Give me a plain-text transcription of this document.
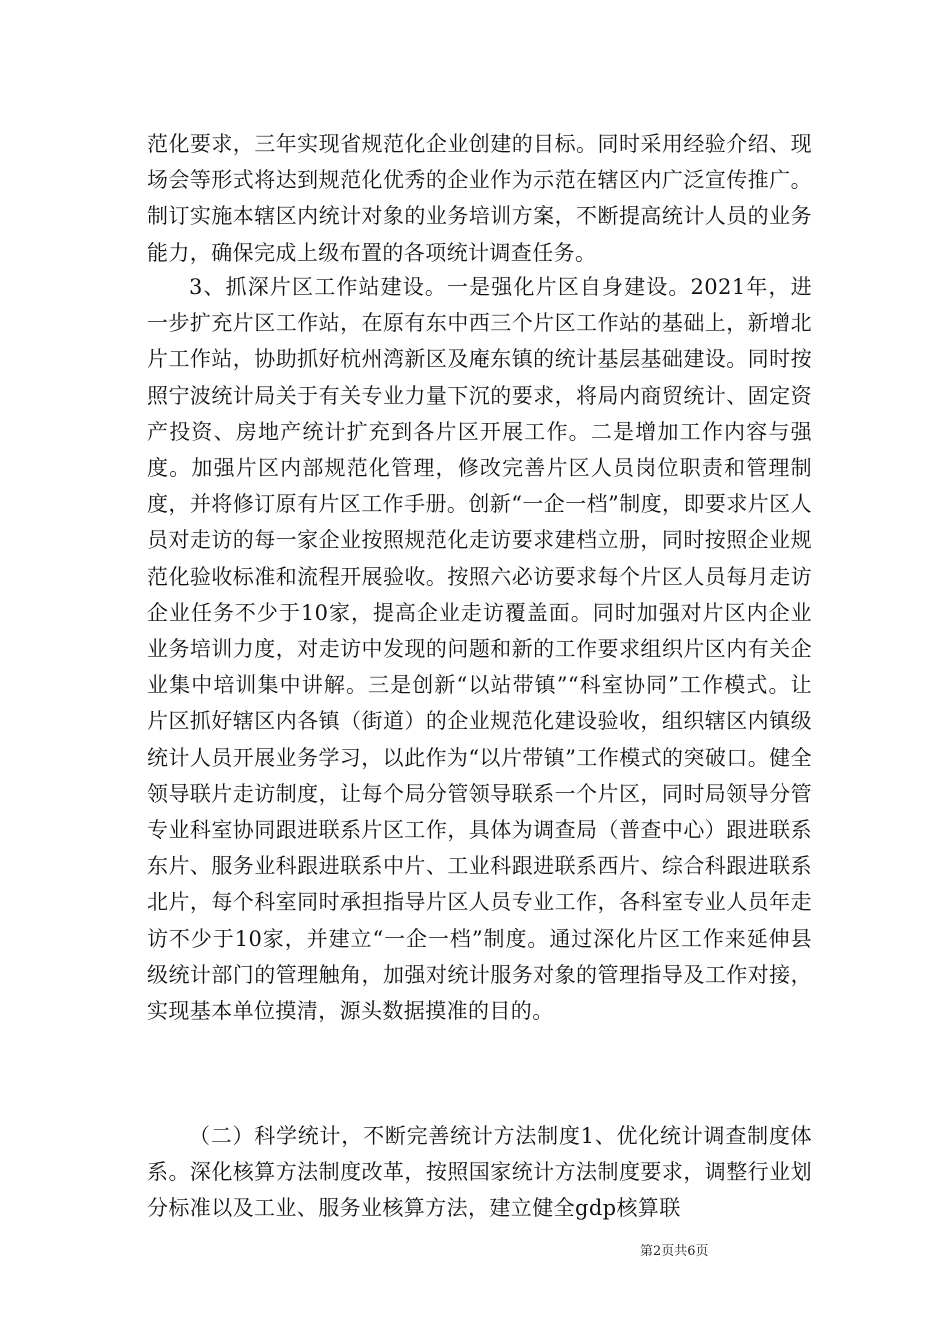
范化要求，三年实现省规范化企业创建的目标。同时采用经验介绍、现场会等形式将达到规范化优秀的企业作为示范在辖区内广泛宣传推广。制订实施本辖区内统计对象的业务培训方案，不断提高统计人员的业务能力，确保完成上级布置的各项统计调查任务。

3、抓深片区工作站建设。一是强化片区自身建设。2021年，进一步扩充片区工作站，在原有东中西三个片区工作站的基础上，新增北片工作站，协助抓好杭州湾新区及庵东镇的统计基层基础建设。同时按照宁波统计局关于有关专业力量下沉的要求，将局内商贸统计、固定资产投资、房地产统计扩充到各片区开展工作。二是增加工作内容与强度。加强片区内部规范化管理，修改完善片区人员岗位职责和管理制度，并将修订原有片区工作手册。创新“一企一档”制度，即要求片区人员对走访的每一家企业按照规范化走访要求建档立册，同时按照企业规范化验收标准和流程开展验收。按照六必访要求每个片区人员每月走访企业任务不少于10家，提高企业走访覆盖面。同时加强对片区内企业业务培训力度，对走访中发现的问题和新的工作要求组织片区内有关企业集中培训集中讲解。三是创新“以站带镇”“科室协同”工作模式。让片区抓好辖区内各镇（街道）的企业规范化建设验收，组织辖区内镇级统计人员开展业务学习，以此作为“以片带镇”工作模式的突破口。健全领导联片走访制度，让每个局分管领导联系一个片区，同时局领导分管专业科室协同跟进联系片区工作，具体为调查局（普查中心）跟进联系东片、服务业科跟进联系中片、工业科跟进联系西片、综合科跟进联系北片，每个科室同时承担指导片区人员专业工作，各科室专业人员年走访不少于10家，并建立“一企一档”制度。通过深化片区工作来延伸县级统计部门的管理触角，加强对统计服务对象的管理指导及工作对接，实现基本单位摸清，源头数据摸准的目的。

（二）科学统计，不断完善统计方法制度1、优化统计调查制度体系。深化核算方法制度改革，按照国家统计方法制度要求，调整行业划分标准以及工业、服务业核算方法，建立健全gdp核算联

第2页共6页
